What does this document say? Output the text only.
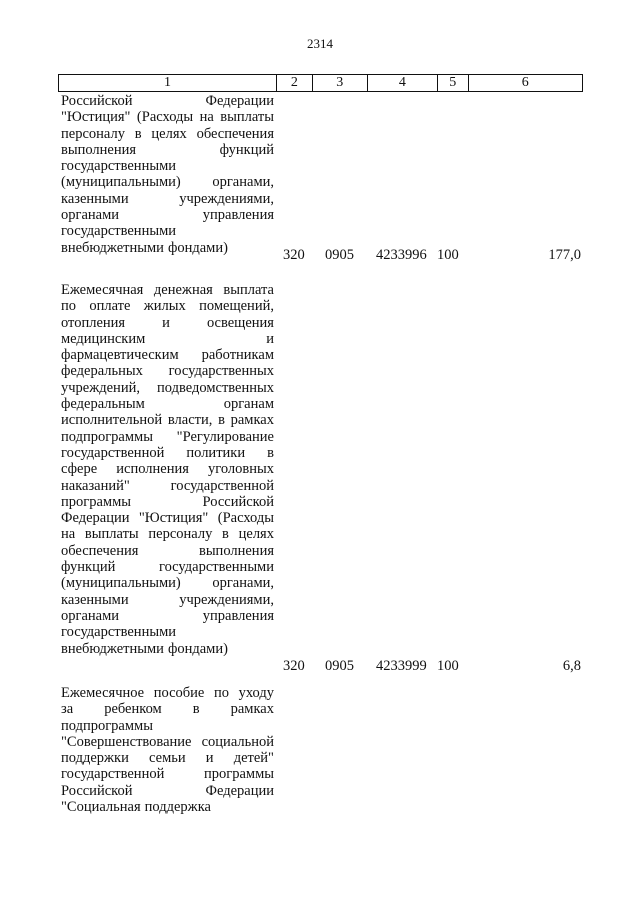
2314
1	2	3	4	5	6
Российской	Федерации
"Юстиция" (Расходы на выплаты
персоналу в целях обеспечения
выполнения	функций
государственными
(муниципальными) органами,
казенными	учреждениями,
органами	управления
государственными
внебюджетными фондами)	320 0905 4233996 100	177,0
Ежемесячная денежная выплата
по оплате жилых помещений,
отопления	и	освещения
медицинским	и
фармацевтическим работникам
федеральных государственных
учреждений, подведомственных
федеральным	органам
исполнительной власти, в рамках
подпрограммы "Регулирование
государственной политики в
сфере исполнения уголовных
наказаний"	государственной
программы	Российской
Федерации "Юстиция" (Расходы
на выплаты персоналу в целях
обеспечения	выполнения
функций	государственными
(муниципальными) органами,
казенными	учреждениями,
органами	управления
государственными
внебюджетными фондами)
320 0905 4233999 100	6,8
Ежемесячное пособие по уходу
за ребенком в рамках
подпрограммы
"Совершенствование социальной
поддержки семьи и детей"
государственной	программы
Российской	Федерации
"Социальная поддержка
